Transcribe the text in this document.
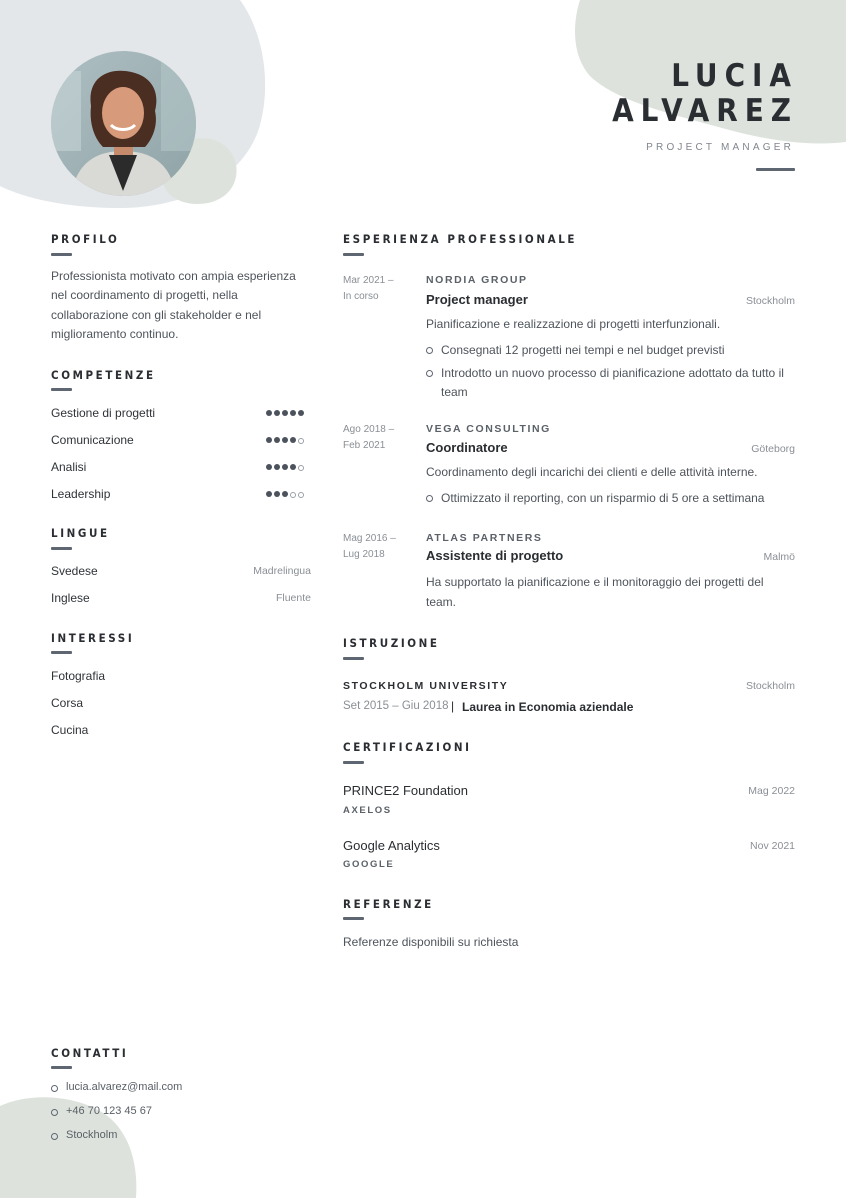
LUCIA
ALVAREZ
PROJECT MANAGER
PROFILO
Professionista motivato con ampia esperienza
nel coordinamento di progetti, nella
collaborazione con gli stakeholder e nel
miglioramento continuo.
COMPETENZE
Gestione di progetti
Comunicazione
Analisi
Leadership
LINGUE
Svedese	Madrelingua
Inglese	Fluente
INTERESSI
Fotografia
Corsa
Cucina
CONTATTI
lucia.alvarez@mail.com
+46 70 123 45 67
Stockholm
ESPERIENZA PROFESSIONALE
Mar 2021 –
In corso
NORDIA GROUP
Project manager	Stockholm
Pianificazione e realizzazione di progetti interfunzionali.
Consegnati 12 progetti nei tempi e nel budget previsti
Introdotto un nuovo processo di pianificazione adottato da tutto il
team
Ago 2018 –
Feb 2021
VEGA CONSULTING
Coordinatore	Göteborg
Coordinamento degli incarichi dei clienti e delle attività interne.
Ottimizzato il reporting, con un risparmio di 5 ore a settimana
Mag 2016 –
Lug 2018
ATLAS PARTNERS
Assistente di progetto	Malmö
Ha supportato la pianificazione e il monitoraggio dei progetti del
team.
ISTRUZIONE
STOCKHOLM UNIVERSITY	Stockholm
Set 2015 – Giu 2018 | Laurea in Economia aziendale
CERTIFICAZIONI
PRINCE2 Foundation	Mag 2022
AXELOS
Google Analytics	Nov 2021
GOOGLE
REFERENZE
Referenze disponibili su richiesta
